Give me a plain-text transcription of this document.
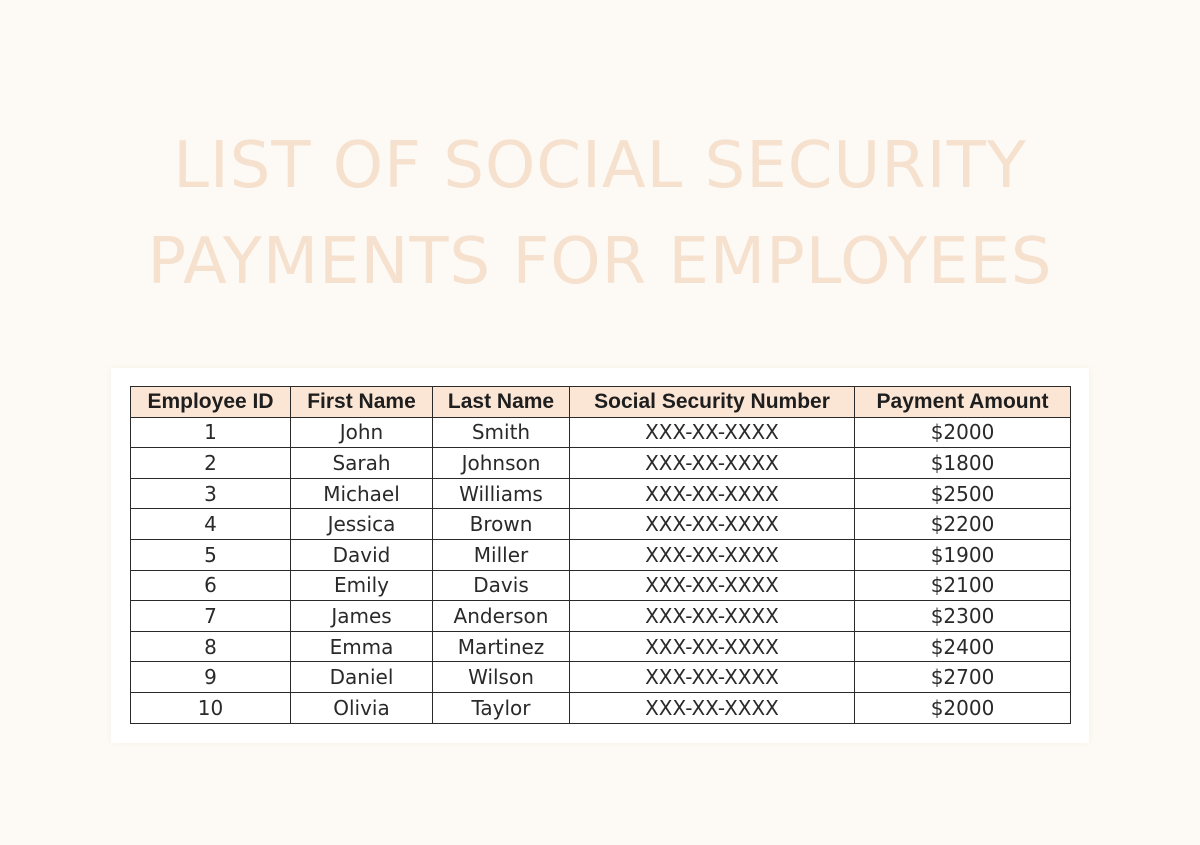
LIST OF SOCIAL SECURITY
PAYMENTS FOR EMPLOYEES
Employee ID	First Name	Last Name	Social Security Number	Payment Amount
1	John	Smith	XXX-XX-XXXX	$2000
2	Sarah	Johnson	XXX-XX-XXXX	$1800
3	Michael	Williams	XXX-XX-XXXX	$2500
4	Jessica	Brown	XXX-XX-XXXX	$2200
5	David	Miller	XXX-XX-XXXX	$1900
6	Emily	Davis	XXX-XX-XXXX	$2100
7	James	Anderson	XXX-XX-XXXX	$2300
8	Emma	Martinez	XXX-XX-XXXX	$2400
9	Daniel	Wilson	XXX-XX-XXXX	$2700
10	Olivia	Taylor	XXX-XX-XXXX	$2000
